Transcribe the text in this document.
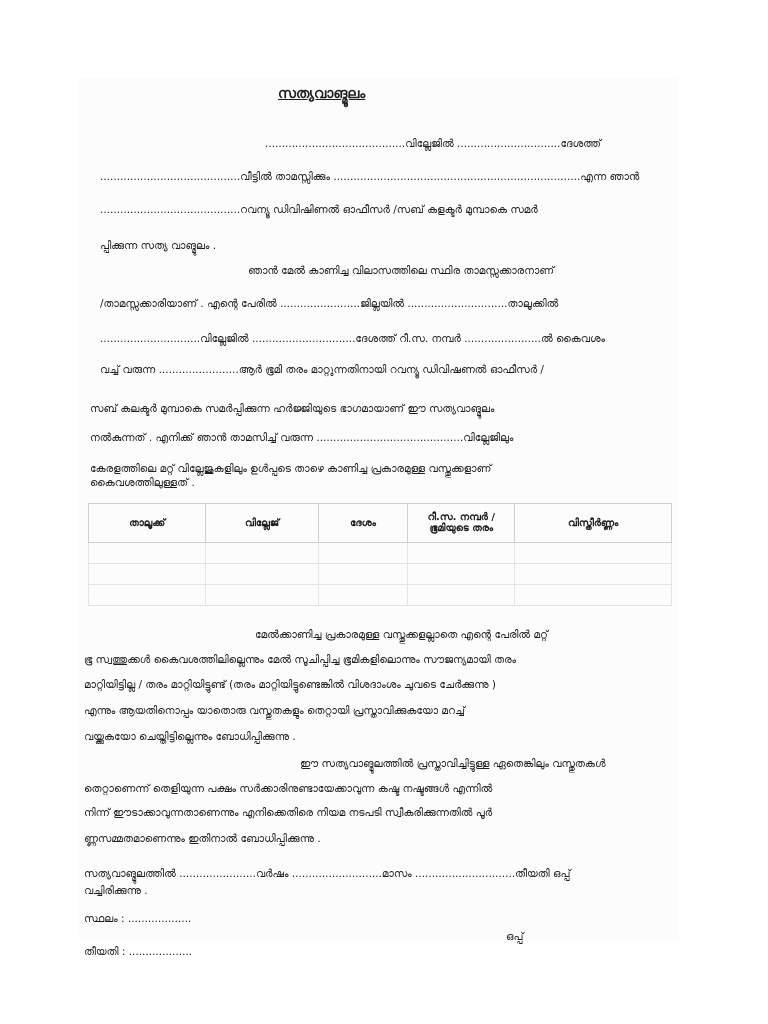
സത്യവാങ്മൂലം
..........................................വില്ലേജിൽ ...............................ദേശത്ത്
..........................................വീട്ടിൽ താമസ്സിക്കും ..........................................................................എന്ന ഞാൻ
..........................................റവന്യൂ ഡിവിഷിണൽ ഓഫീസർ /സബ് കളക്ടർ മുമ്പാകെ സമർ
പ്പിക്കുന്ന സത്യ വാങ്മൂലം .
ഞാൻ മേൽ കാണിച്ച വിലാസത്തിലെ സ്ഥിര താമസ്സക്കാരനാണ്
/താമസ്സക്കാരിയാണ് . എന്റെ പേരിൽ ........................ജില്ലയിൽ ..............................താലൂക്കിൽ
..............................വില്ലേജിൽ ...............................ദേശത്ത് റീ.സ. നമ്പർ .......................ൽ കൈവശം
വച്ച് വരുന്ന ........................ആർ ഭൂമി തരം മാറ്റുന്നതിനായി റവന്യൂ ഡിവിഷണൽ ഓഫീസർ /
സബ് കലക്ടർ മുമ്പാകെ സമർപ്പിക്കുന്ന ഹർജ്ജിയുടെ ഭാഗമായാണ് ഈ സത്യവാങ്മൂലം
നൽകുന്നത് . എനിക്ക് ഞാൻ താമസിച്ച് വരുന്ന ............................................വില്ലേജിലും
കേരളത്തിലെ മറ്റ് വില്ലേജുകളിലും ഉൾപ്പടെ താഴെ കാണിച്ച പ്രകാരമുള്ള വസ്തുക്കളാണ്
കൈവശത്തിലുള്ളത് .
താലൂക്ക്	വില്ലേജ്	ദേശം	റീ.സ. നമ്പർ / ഭൂമിയുടെ തരം	വിസ്തീർണ്ണം

മേൽക്കാണിച്ച പ്രകാരമുള്ള വസ്തുക്കളല്ലാതെ എന്റെ പേരിൽ മറ്റ്
ഭൂ സ്വത്തുക്കൾ കൈവശത്തിലില്ലെന്നും മേൽ സൂചിപ്പിച്ച ഭൂമികളിലൊന്നും സൗജന്യമായി തരം
മാറ്റിയിട്ടില്ല / തരം മാറ്റിയിട്ടുണ്ട് (തരം മാറ്റിയിട്ടുണ്ടെങ്കിൽ വിശദാംശം ചുവടെ ചേർക്കുന്നു )
എന്നും ആയതിനൊപ്പം യാതൊരു വസ്തുതകളും തെറ്റായി പ്രസ്താവിക്കുകയോ മറച്ച്
വയ്ക്കുകയോ ചെയ്തിട്ടില്ലെന്നും ബോധിപ്പിക്കുന്നു .
ഈ സത്യവാങ്മൂലത്തിൽ പ്രസ്താവിച്ചിട്ടുള്ള ഏതെങ്കിലും വസ്തുതകൾ
തെറ്റാണെന്ന് തെളിയുന്ന പക്ഷം സർക്കാരിനുണ്ടായേക്കാവുന്ന കഷ്ട നഷ്ടങ്ങൾ എന്നിൽ
നിന്ന് ഈടാക്കാവുന്നതാണെന്നും എനിക്കെതിരെ നിയമ നടപടി സ്വീകരിക്കുന്നതിൽ പൂർ
ണ്ണസമ്മതമാണെന്നും ഇതിനാൽ ബോധിപ്പിക്കുന്നു .
സത്യവാങ്മൂലത്തിൽ .......................വർഷം ...........................മാസം ..............................തീയതി ഒപ്പ്
വച്ചിരിക്കുന്നു .
സ്ഥലം : ...................
ഒപ്പ്
തീയതി : ...................
